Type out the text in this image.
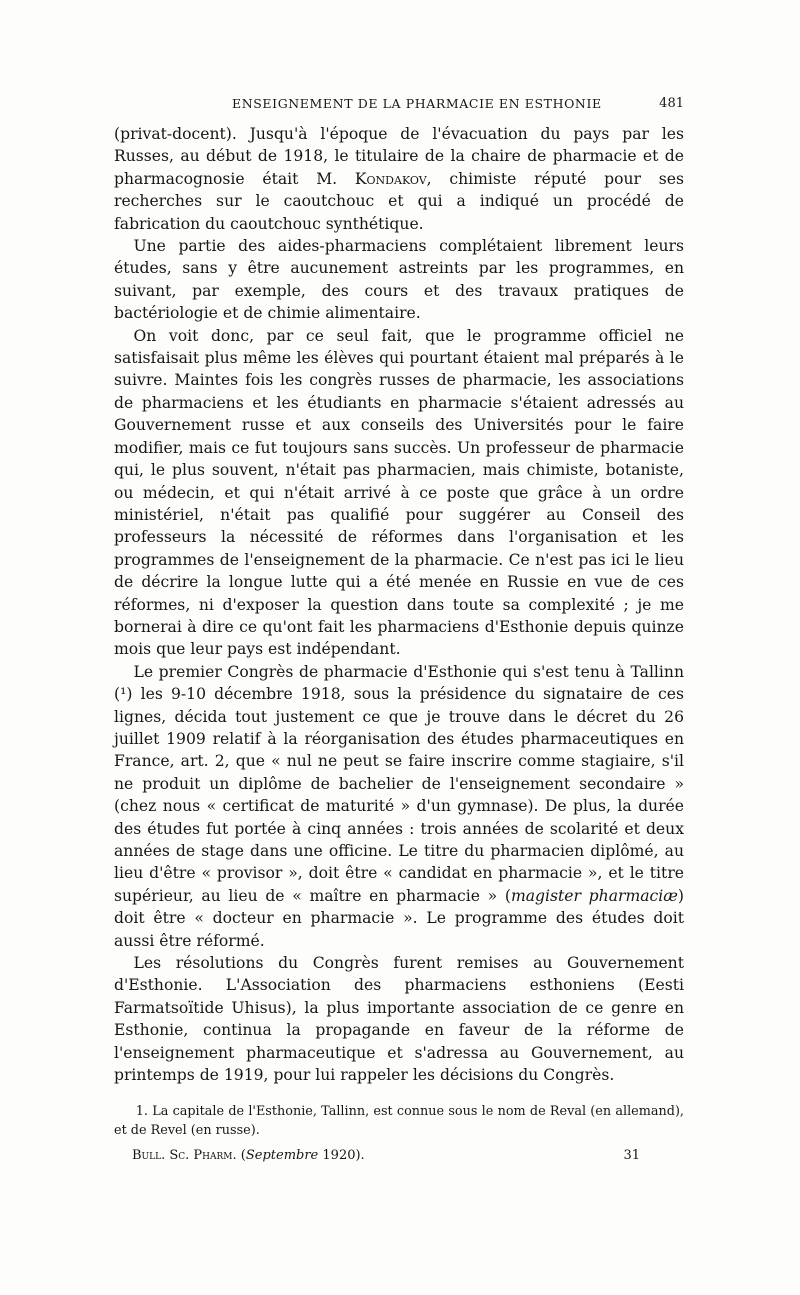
ENSEIGNEMENT DE LA PHARMACIE EN ESTHONIE	481

(privat-docent). Jusqu'à l'époque de l'évacuation du pays par les Russes, au début de 1918, le titulaire de la chaire de pharmacie et de pharmacognosie était M. Kondakov, chimiste réputé pour ses recherches sur le caoutchouc et qui a indiqué un procédé de fabrication du caoutchouc synthétique.

Une partie des aides-pharmaciens complétaient librement leurs études, sans y être aucunement astreints par les programmes, en suivant, par exemple, des cours et des travaux pratiques de bactériologie et de chimie alimentaire.

On voit donc, par ce seul fait, que le programme officiel ne satisfaisait plus même les élèves qui pourtant étaient mal préparés à le suivre. Maintes fois les congrès russes de pharmacie, les associations de pharmaciens et les étudiants en pharmacie s'étaient adressés au Gouvernement russe et aux conseils des Universités pour le faire modifier, mais ce fut toujours sans succès. Un professeur de pharmacie qui, le plus souvent, n'était pas pharmacien, mais chimiste, botaniste, ou médecin, et qui n'était arrivé à ce poste que grâce à un ordre ministériel, n'était pas qualifié pour suggérer au Conseil des professeurs la nécessité de réformes dans l'organisation et les programmes de l'enseignement de la pharmacie. Ce n'est pas ici le lieu de décrire la longue lutte qui a été menée en Russie en vue de ces réformes, ni d'exposer la question dans toute sa complexité ; je me bornerai à dire ce qu'ont fait les pharmaciens d'Esthonie depuis quinze mois que leur pays est indépendant.

Le premier Congrès de pharmacie d'Esthonie qui s'est tenu à Tallinn (¹) les 9-10 décembre 1918, sous la présidence du signataire de ces lignes, décida tout justement ce que je trouve dans le décret du 26 juillet 1909 relatif à la réorganisation des études pharmaceutiques en France, art. 2, que « nul ne peut se faire inscrire comme stagiaire, s'il ne produit un diplôme de bachelier de l'enseignement secondaire » (chez nous « certificat de maturité » d'un gymnase). De plus, la durée des études fut portée à cinq années : trois années de scolarité et deux années de stage dans une officine. Le titre du pharmacien diplômé, au lieu d'être « provisor », doit être « candidat en pharmacie », et le titre supérieur, au lieu de « maître en pharmacie » (magister pharmaciæ) doit être « docteur en pharmacie ». Le programme des études doit aussi être réformé.

Les résolutions du Congrès furent remises au Gouvernement d'Esthonie. L'Association des pharmaciens esthoniens (Eesti Farmatsoïtide Uhisus), la plus importante association de ce genre en Esthonie, continua la propagande en faveur de la réforme de l'enseignement pharmaceutique et s'adressa au Gouvernement, au printemps de 1919, pour lui rappeler les décisions du Congrès.

1. La capitale de l'Esthonie, Tallinn, est connue sous le nom de Reval (en allemand), et de Revel (en russe).

Bull. Sc. Pharm. (Septembre 1920).	31
